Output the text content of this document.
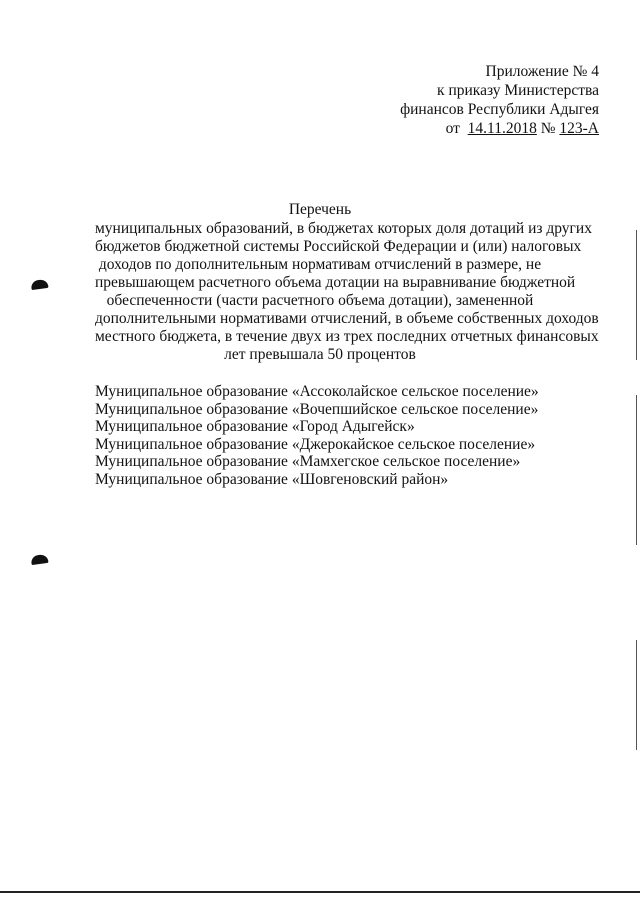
Приложение № 4
к приказу Министерства
финансов Республики Адыгея
от 14.11.2018 № 123-А
Перечень
муниципальных образований, в бюджетах которых доля дотаций из других
бюджетов бюджетной системы Российской Федерации и (или) налоговых
доходов по дополнительным нормативам отчислений в размере, не
превышающем расчетного объема дотации на выравнивание бюджетной
обеспеченности (части расчетного объема дотации), замененной
дополнительными нормативами отчислений, в объеме собственных доходов
местного бюджета, в течение двух из трех последних отчетных финансовых
лет превышала 50 процентов
Муниципальное образование «Ассоколайское сельское поселение»
Муниципальное образование «Вочепшийское сельское поселение»
Муниципальное образование «Город Адыгейск»
Муниципальное образование «Джерокайское сельское поселение»
Муниципальное образование «Мамхегское сельское поселение»
Муниципальное образование «Шовгеновский район»
